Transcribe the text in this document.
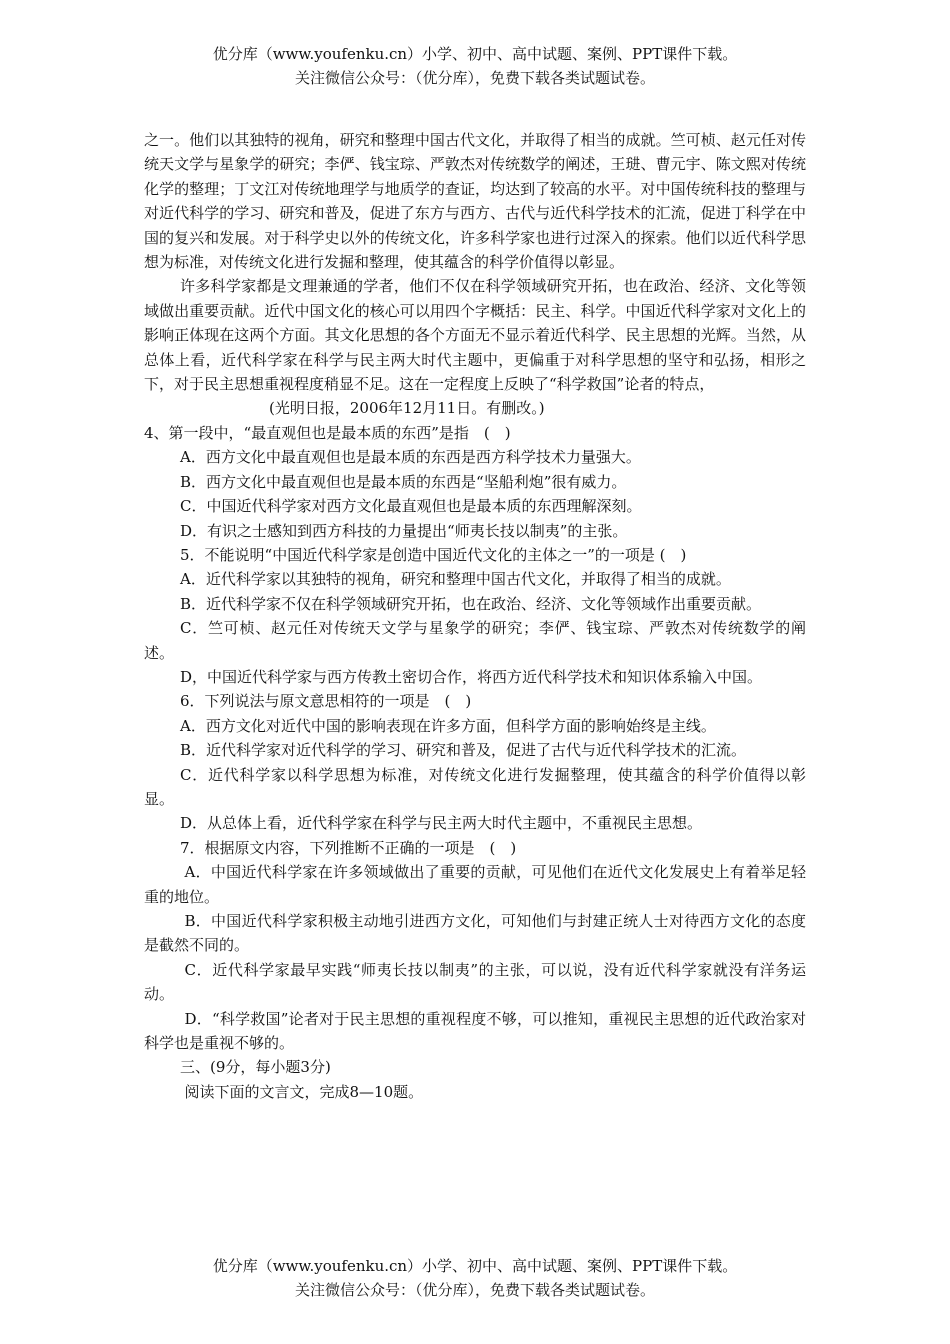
优分库（www.youfenku.cn）小学、初中、高中试题、案例、PPT课件下载。
关注微信公众号：（优分库），免费下载各类试题试卷。

之一。他们以其独特的视角，研究和整理中国古代文化，并取得了相当的成就。竺可桢、赵元任对传统天文学与星象学的研究；李俨、钱宝琮、严敦杰对传统数学的阐述，王琎、曹元宇、陈文熙对传统化学的整理；丁文江对传统地理学与地质学的查证，均达到了较高的水平。对中国传统科技的整理与对近代科学的学习、研究和普及，促进了东方与西方、古代与近代科学技术的汇流，促进丁科学在中国的复兴和发展。对于科学史以外的传统文化，许多科学家也进行过深入的探索。他们以近代科学思想为标准，对传统文化进行发掘和整理，使其蕴含的科学价值得以彰显。

许多科学家都是文理兼通的学者，他们不仅在科学领域研究开拓，也在政治、经济、文化等领域做出重要贡献。近代中国文化的核心可以用四个字概括：民主、科学。中国近代科学家对文化上的影响正体现在这两个方面。其文化思想的各个方面无不显示着近代科学、民主思想的光辉。当然，从总体上看，近代科学家在科学与民主两大时代主题中，更偏重于对科学思想的坚守和弘扬，相形之下，对于民主思想重视程度稍显不足。这在一定程度上反映了“科学救国”论者的特点，

(光明日报，2006年12月11日。有删改。)

4、第一段中，“最直观但也是最本质的东西”是指　(　)

A．西方文化中最直观但也是最本质的东西是西方科学技术力量强大。

B．西方文化中最直观但也是最本质的东西是“坚船利炮”很有威力。

C．中国近代科学家对西方文化最直观但也是最本质的东西理解深刻。

D．有识之士感知到西方科技的力量提出“师夷长技以制夷”的主张。

5．不能说明“中国近代科学家是创造中国近代文化的主体之一”的一项是 (　)

A．近代科学家以其独特的视角，研究和整理中国古代文化，并取得了相当的成就。

B．近代科学家不仅在科学领域研究开拓，也在政治、经济、文化等领域作出重要贡献。

C．竺可桢、赵元任对传统天文学与星象学的研究；李俨、钱宝琮、严敦杰对传统数学的阐述。

D，中国近代科学家与西方传教土密切合作，将西方近代科学技术和知识体系输入中国。

6．下列说法与原文意思相符的一项是　(　)

A．西方文化对近代中国的影响表现在许多方面，但科学方面的影响始终是主线。

B．近代科学家对近代科学的学习、研究和普及，促进了古代与近代科学技术的汇流。

C．近代科学家以科学思想为标准，对传统文化进行发掘整理，使其蕴含的科学价值得以彰显。

D．从总体上看，近代科学家在科学与民主两大时代主题中，不重视民主思想。

7．根据原文内容，下列推断不正确的一项是　(　)

A．中国近代科学家在许多领域做出了重要的贡献，可见他们在近代文化发展史上有着举足轻重的地位。

B．中国近代科学家积极主动地引进西方文化，可知他们与封建正统人士对待西方文化的态度是截然不同的。

C．近代科学家最早实践“师夷长技以制夷”的主张，可以说，没有近代科学家就没有洋务运动。

D．“科学救国”论者对于民主思想的重视程度不够，可以推知，重视民主思想的近代政治家对科学也是重视不够的。

三、(9分，每小题3分)

阅读下面的文言文，完成8—10题。

优分库（www.youfenku.cn）小学、初中、高中试题、案例、PPT课件下载。
关注微信公众号：（优分库），免费下载各类试题试卷。
